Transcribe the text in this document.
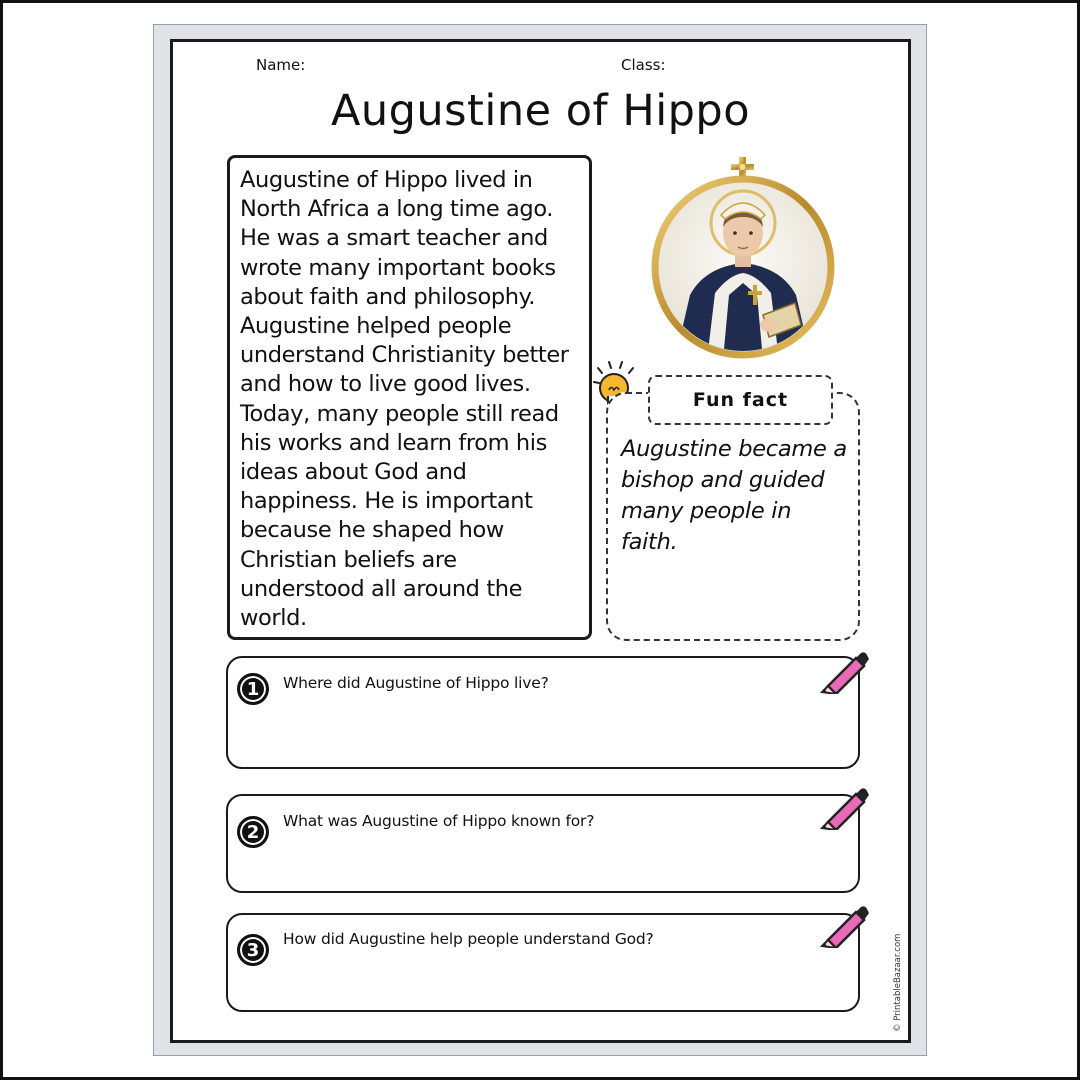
Name:	Class:
Augustine of Hippo
Augustine of Hippo lived in North Africa a long time ago. He was a smart teacher and wrote many important books about faith and philosophy. Augustine helped people understand Christianity better and how to live good lives. Today, many people still read his works and learn from his ideas about God and happiness. He is important because he shaped how Christian beliefs are understood all around the world.
Fun fact
Augustine became a bishop and guided many people in faith.
1	Where did Augustine of Hippo live?
2
What was Augustine of Hippo known for?
3
How did Augustine help people understand God?	© PrintableBazaar.com
